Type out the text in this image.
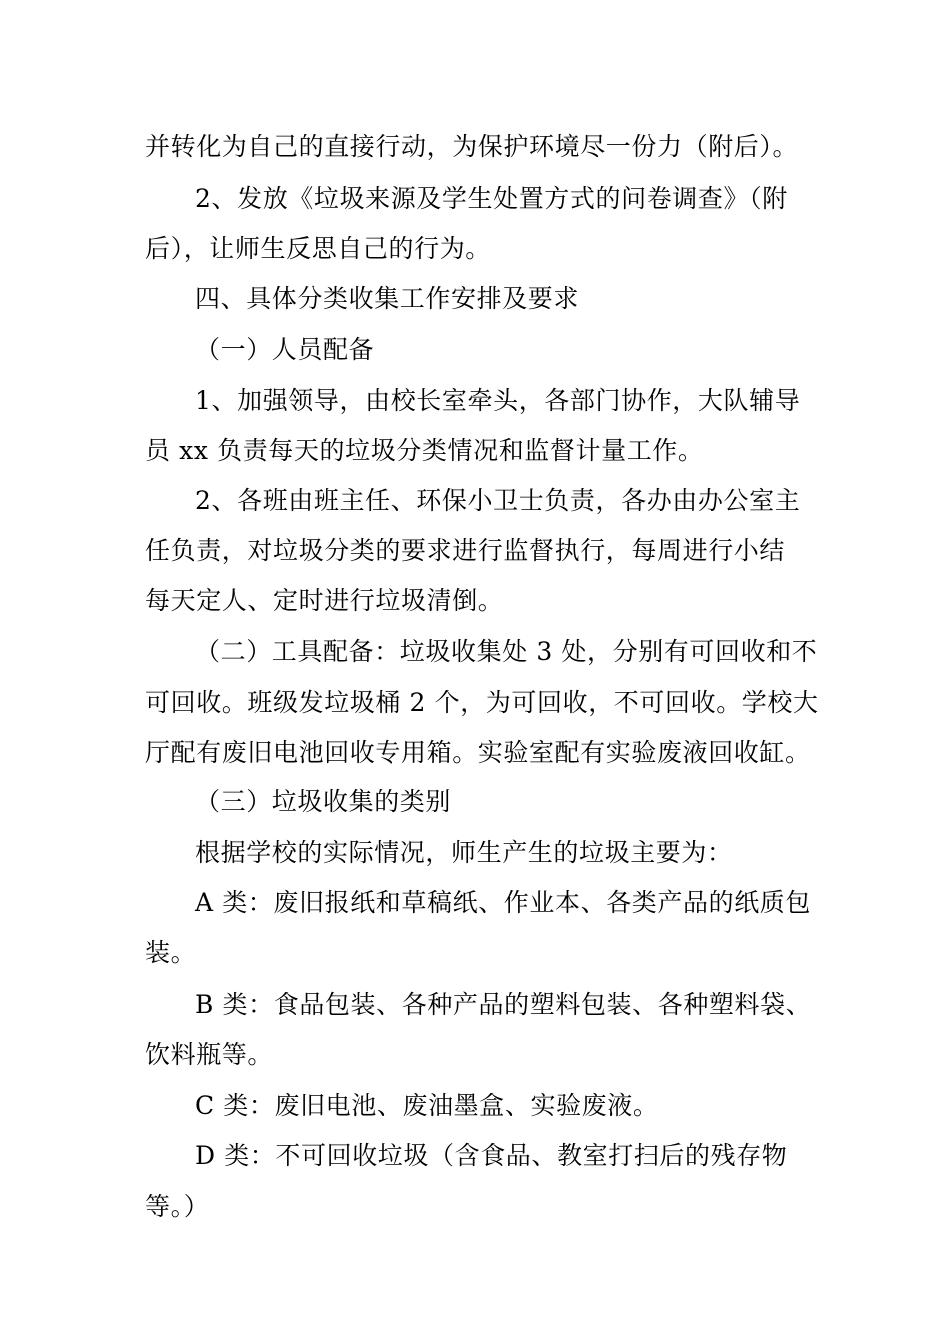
并转化为自己的直接行动，为保护环境尽一份力（附后）。
2、发放《垃圾来源及学生处置方式的问卷调查》（附
后），让师生反思自己的行为。
四、具体分类收集工作安排及要求
（一）人员配备
1、加强领导，由校长室牵头，各部门协作，大队辅导
员 xx 负责每天的垃圾分类情况和监督计量工作。
2、各班由班主任、环保小卫士负责，各办由办公室主
任负责，对垃圾分类的要求进行监督执行，每周进行小结
每天定人、定时进行垃圾清倒。
（二）工具配备：垃圾收集处 3 处，分别有可回收和不
可回收。班级发垃圾桶 2 个，为可回收，不可回收。学校大
厅配有废旧电池回收专用箱。实验室配有实验废液回收缸。
（三）垃圾收集的类别
根据学校的实际情况，师生产生的垃圾主要为：
A 类：废旧报纸和草稿纸、作业本、各类产品的纸质包
装。
B 类：食品包装、各种产品的塑料包装、各种塑料袋、
饮料瓶等。
C 类：废旧电池、废油墨盒、实验废液。
D 类：不可回收垃圾（含食品、教室打扫后的残存物
等。）
